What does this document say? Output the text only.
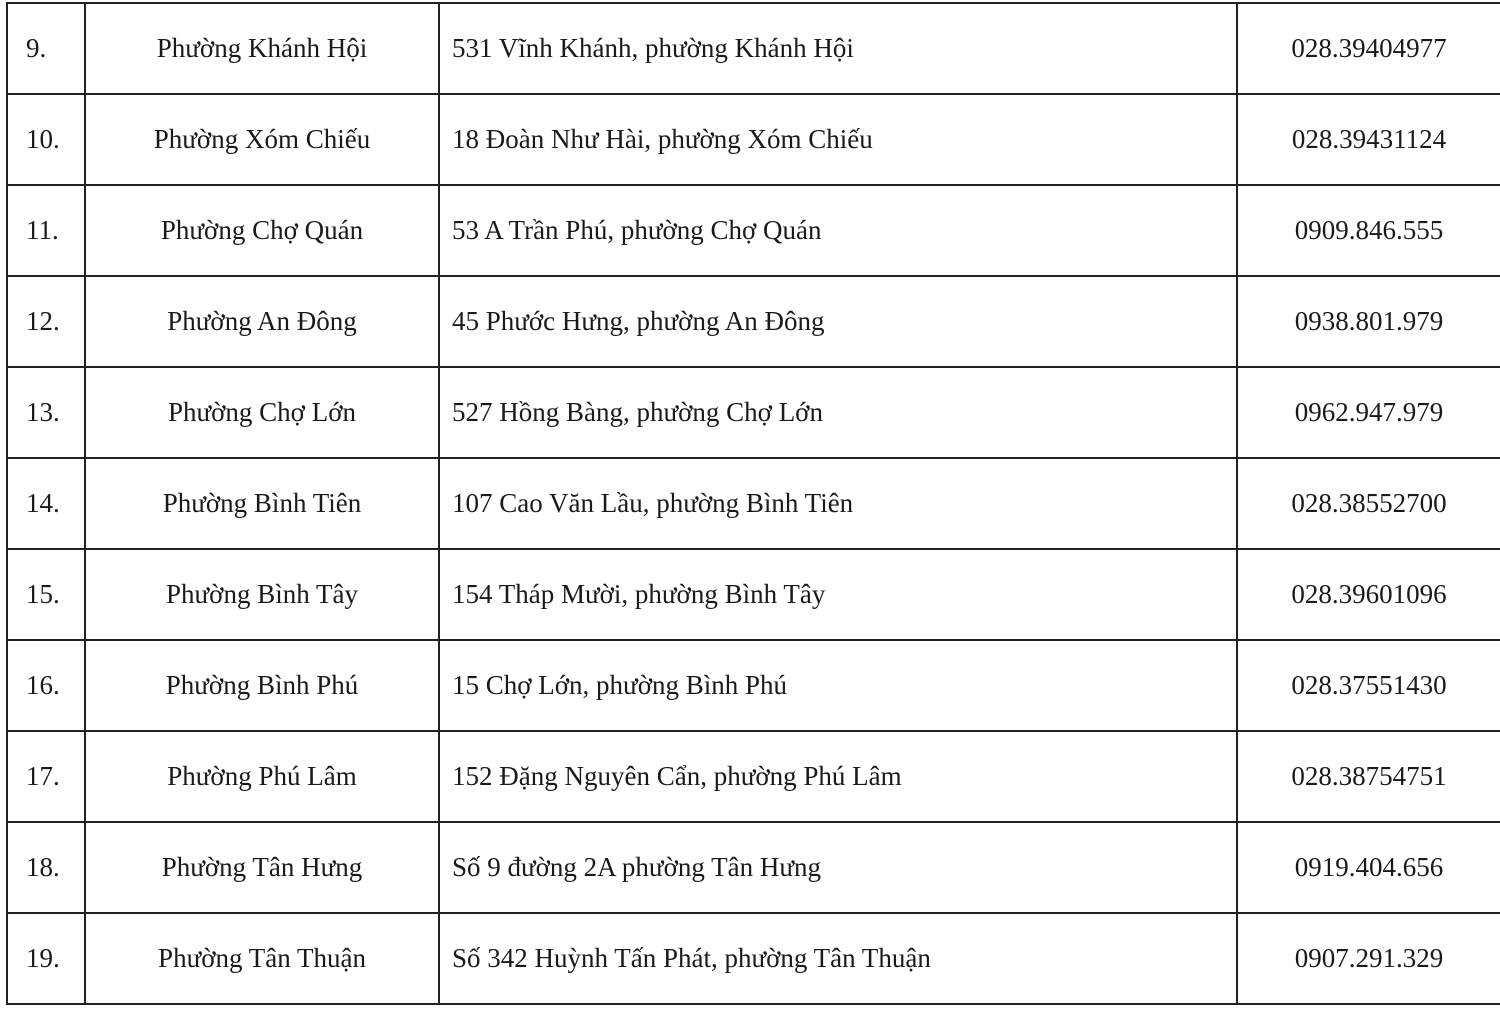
9.	Phường Khánh Hội	531 Vĩnh Khánh, phường Khánh Hội	028.39404977
10.	Phường Xóm Chiếu	18 Đoàn Như Hài, phường Xóm Chiếu	028.39431124
11.	Phường Chợ Quán	53 A Trần Phú, phường Chợ Quán	0909.846.555
12.	Phường An Đông	45 Phước Hưng, phường An Đông	0938.801.979
13.	Phường Chợ Lớn	527 Hồng Bàng, phường Chợ Lớn	0962.947.979
14.	Phường Bình Tiên	107 Cao Văn Lầu, phường Bình Tiên	028.38552700
15.	Phường Bình Tây	154 Tháp Mười, phường Bình Tây	028.39601096
16.	Phường Bình Phú	15 Chợ Lớn, phường Bình Phú	028.37551430
17.	Phường Phú Lâm	152 Đặng Nguyên Cẩn, phường Phú Lâm	028.38754751
18.	Phường Tân Hưng	Số 9 đường 2A phường Tân Hưng	0919.404.656
19.	Phường Tân Thuận	Số 342 Huỳnh Tấn Phát, phường Tân Thuận	0907.291.329
